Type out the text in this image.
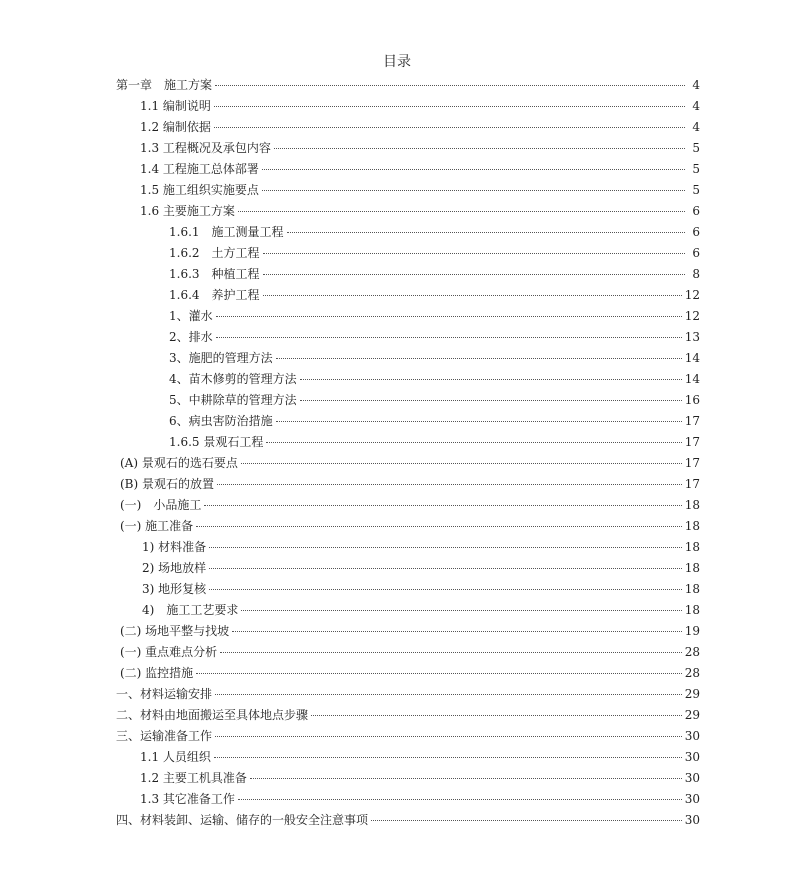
目录
第一章　施工方案	4
1.1 编制说明	4
1.2 编制依据	4
1.3 工程概况及承包内容	5
1.4 工程施工总体部署	5
1.5 施工组织实施要点	5
1.6 主要施工方案	6
1.6.1　施工测量工程	6
1.6.2　土方工程	6
1.6.3　种植工程	8
1.6.4　养护工程	12
1、灌水	12
2、排水	13
3、施肥的管理方法	14
4、苗木修剪的管理方法	14
5、中耕除草的管理方法	16
6、病虫害防治措施	17
1.6.5 景观石工程	17
(A) 景观石的选石要点	17
(B) 景观石的放置	17
(一)　小品施工	18
(一) 施工准备	18
1) 材料准备	18
2) 场地放样	18
3) 地形复核	18
4)　施工工艺要求	18
(二) 场地平整与找坡	19
(一) 重点难点分析	28
(二) 监控措施	28
一、材料运输安排	29
二、材料由地面搬运至具体地点步骤	29
三、运输准备工作	30
1.1 人员组织	30
1.2 主要工机具准备	30
1.3 其它准备工作	30
四、材料装卸、运输、储存的一般安全注意事项	30
